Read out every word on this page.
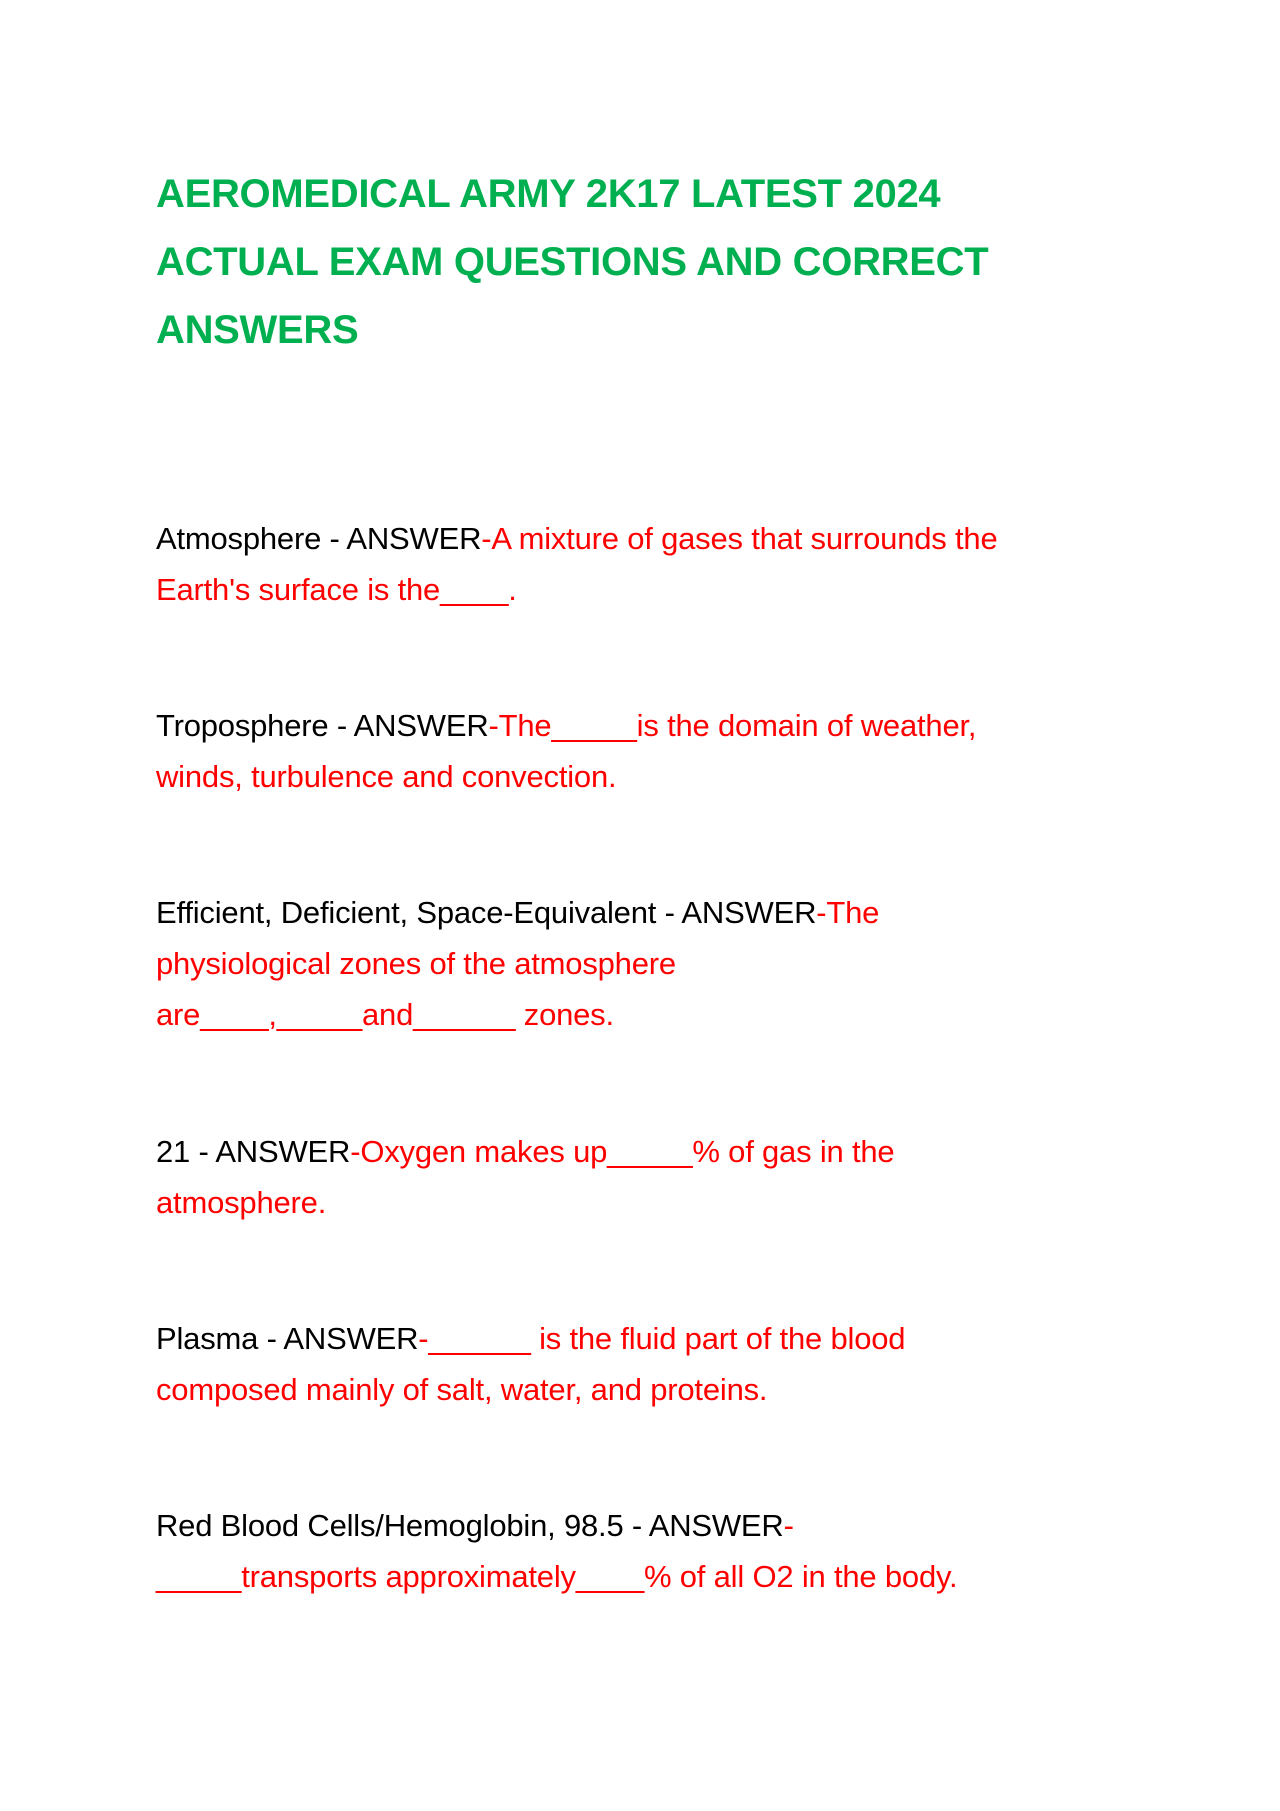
AEROMEDICAL ARMY 2K17 LATEST 2024
ACTUAL EXAM QUESTIONS AND CORRECT
ANSWERS

Atmosphere - ANSWER-A mixture of gases that surrounds the
Earth's surface is the____.

Troposphere - ANSWER-The_____is the domain of weather,
winds, turbulence and convection.

Efficient, Deficient, Space-Equivalent - ANSWER-The
physiological zones of the atmosphere
are____,_____and______ zones.

21 - ANSWER-Oxygen makes up_____% of gas in the
atmosphere.

Plasma - ANSWER-______ is the fluid part of the blood
composed mainly of salt, water, and proteins.

Red Blood Cells/Hemoglobin, 98.5 - ANSWER-
_____transports approximately____% of all O2 in the body.
